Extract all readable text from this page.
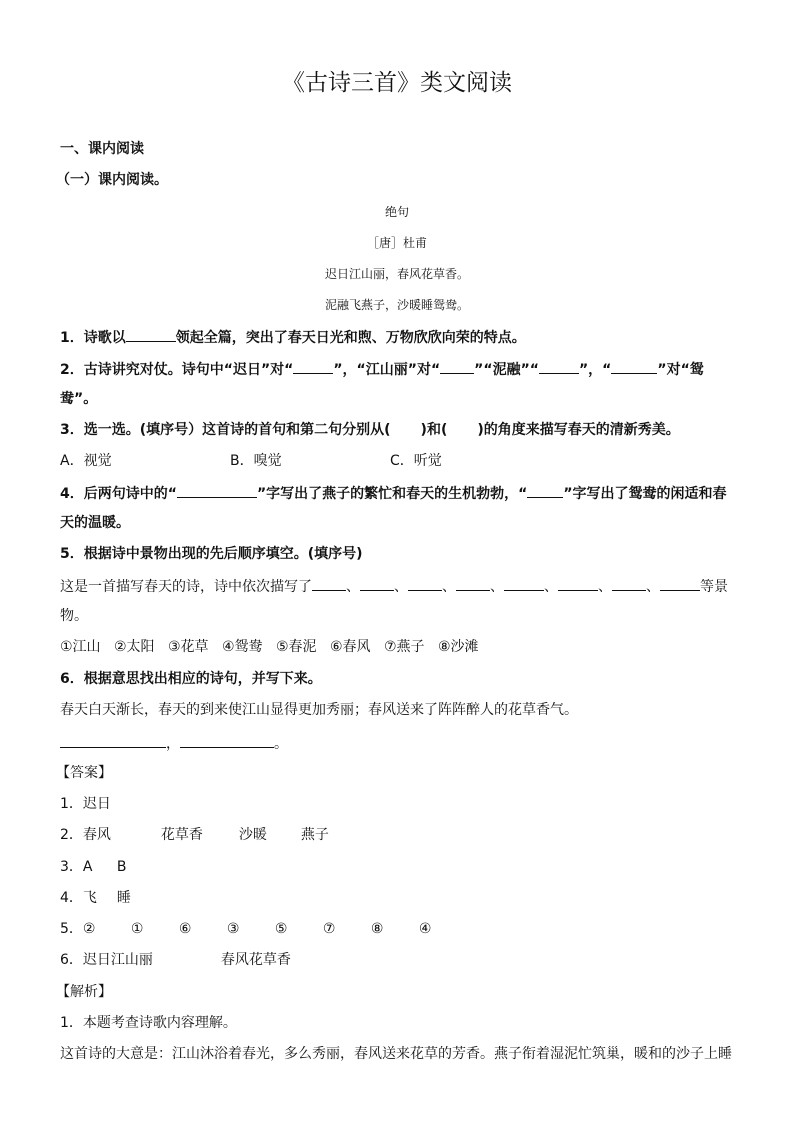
《古诗三首》类文阅读
一、课内阅读
（一）课内阅读。
绝句
［唐］杜甫
迟日江山丽，春风花草香。
泥融飞燕子，沙暖睡鸳鸯。
1．诗歌以	领起全篇，突出了春天日光和煦、万物欣欣向荣的特点。
2．古诗讲究对仗。诗句中“迟日”对“	”，“江山丽”对“ ”“泥融”“	”，“	”对“鸳
鸯”。
3．选一选。(填序号）这首诗的首句和第二句分别从( )和( )的角度来描写春天的清新秀美。
A．视觉	B．嗅觉	C．听觉
4．后两句诗中的“	”字写出了燕子的繁忙和春天的生机勃勃，“	”字写出了鸳鸯的闲适和春
天的温暖。
5．根据诗中景物出现的先后顺序填空。(填序号)
这是一首描写春天的诗，诗中依次描写了 、 、 、 、	、	、 、	等景
物。
①江山 ②太阳 ③花草 ④鸳鸯 ⑤春泥 ⑥春风 ⑦燕子 ⑧沙滩
6．根据意思找出相应的诗句，并写下来。
春天白天渐长，春天的到来使江山显得更加秀丽；春风送来了阵阵醉人的花草香气。
，	。
【答案】
1．迟日
2．春风	花草香	沙暖 燕子
3．A B
4．飞 睡
5．②	①	⑥	③	⑤	⑦	⑧	④
6．迟日江山丽	春风花草香
【解析】
1．本题考查诗歌内容理解。
这首诗的大意是：江山沐浴着春光，多么秀丽，春风送来花草的芳香。燕子衔着湿泥忙筑巢，暖和的沙子上睡
